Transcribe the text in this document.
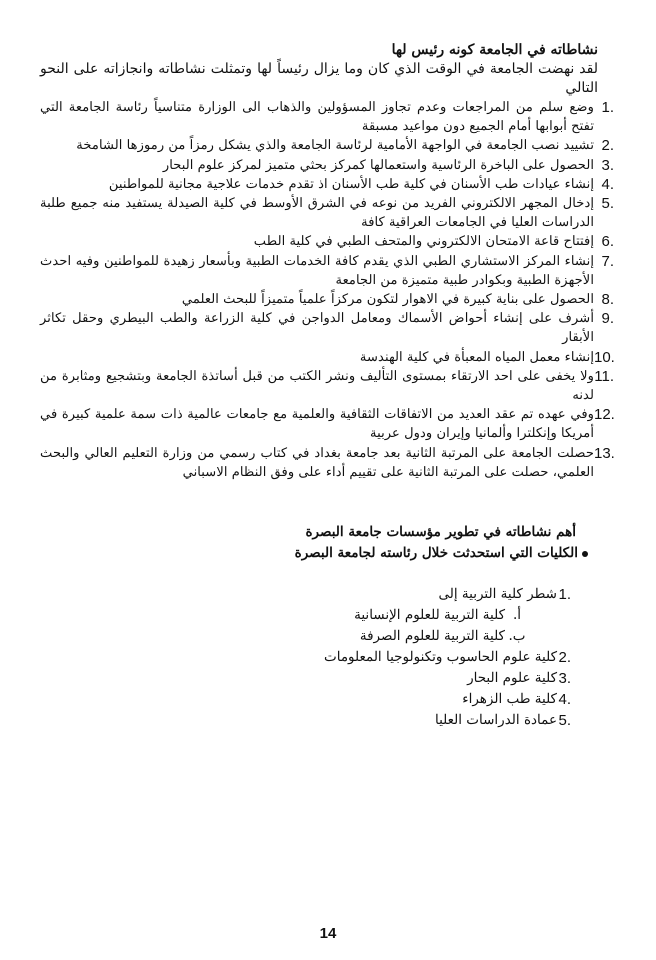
نشاطاته في الجامعة كونه رئيس لها
لقد نهضت الجامعة في الوقت الذي كان وما يزال رئيساً لها وتمثلت نشاطاته وانجازاته على النحو التالي
1.
وضع سلم من المراجعات وعدم تجاوز المسؤولين والذهاب الى الوزارة متناسياً رئاسة الجامعة التي تفتح أبوابها أمام الجميع دون مواعيد مسبقة
2.
تشييد نصب الجامعة في الواجهة الأمامية لرئاسة الجامعة والذي يشكل رمزاً من رموزها الشامخة
3.
الحصول على الباخرة الرئاسية واستعمالها كمركز بحثي متميز لمركز علوم البحار
4.
إنشاء عيادات طب الأسنان في كلية طب الأسنان اذ تقدم خدمات علاجية مجانية للمواطنين
5.
إدخال المجهر الالكتروني الفريد من نوعه في الشرق الأوسط في كلية الصيدلة يستفيد منه جميع طلبة الدراسات العليا في الجامعات العراقية كافة
6.
إفتتاح قاعة الامتحان الالكتروني والمتحف الطبي في كلية الطب
7.
إنشاء المركز الاستشاري الطبي الذي يقدم كافة الخدمات الطبية وبأسعار زهيدة للمواطنين وفيه احدث الأجهزة الطبية وبكوادر طبية متميزة من الجامعة
8.
الحصول على بناية كبيرة في الاهوار لتكون مركزاً علمياً متميزاً للبحث العلمي
9.
أشرف على إنشاء أحواض الأسماك ومعامل الدواجن في كلية الزراعة والطب البيطري وحقل تكاثر الأبقار
10.
إنشاء معمل المياه المعبأة في كلية الهندسة
11.
ولا يخفى على احد الارتقاء بمستوى التأليف ونشر الكتب من قبل أساتذة الجامعة وبتشجيع ومثابرة من لدنه
12.
وفي عهده تم عقد العديد من الاتفاقات الثقافية والعلمية مع جامعات عالمية ذات سمة علمية كبيرة في أمريكا وإنكلترا وألمانيا وإيران ودول عربية
13.
حصلت الجامعة على المرتبة الثانية بعد جامعة بغداد في كتاب رسمي من وزارة التعليم العالي والبحث العلمي، حصلت على المرتبة الثانية على تقييم أداء على وفق النظام الاسباني
أهم نشاطاته في تطوير مؤسسات جامعة البصرة
الكليات التي استحدثت خلال رئاسته لجامعة البصرة
1.
شطر كلية التربية إلى
أ.
كلية التربية للعلوم الإنسانية
ب.
كلية التربية للعلوم الصرفة
2.
كلية علوم الحاسوب وتكنولوجيا المعلومات
3.
كلية علوم البحار
4.
كلية طب الزهراء
5.
عمادة الدراسات العليا
14
